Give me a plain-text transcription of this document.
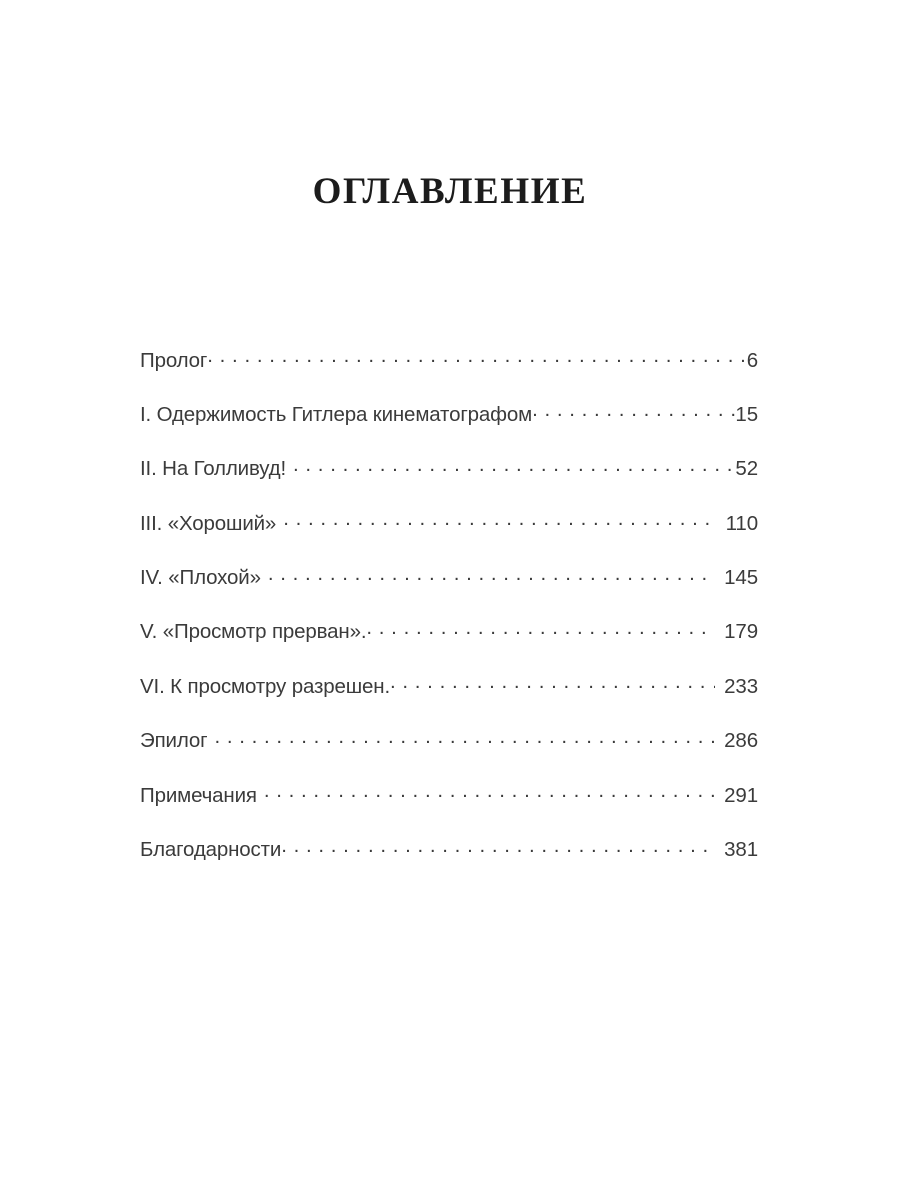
ОГЛАВЛЕНИЕ
Пролог . . .	6
I. Одержимость Гитлера кинематографом . . .	15
II. На Голливуд! . . .	52
III. «Хороший» . . .	110
IV. «Плохой» . . .	145
V. «Просмотр прерван». . . .	179
VI. К просмотру разрешен. . . .	233
Эпилог . . .	286
Примечания . . .	291
Благодарности . . .	381
